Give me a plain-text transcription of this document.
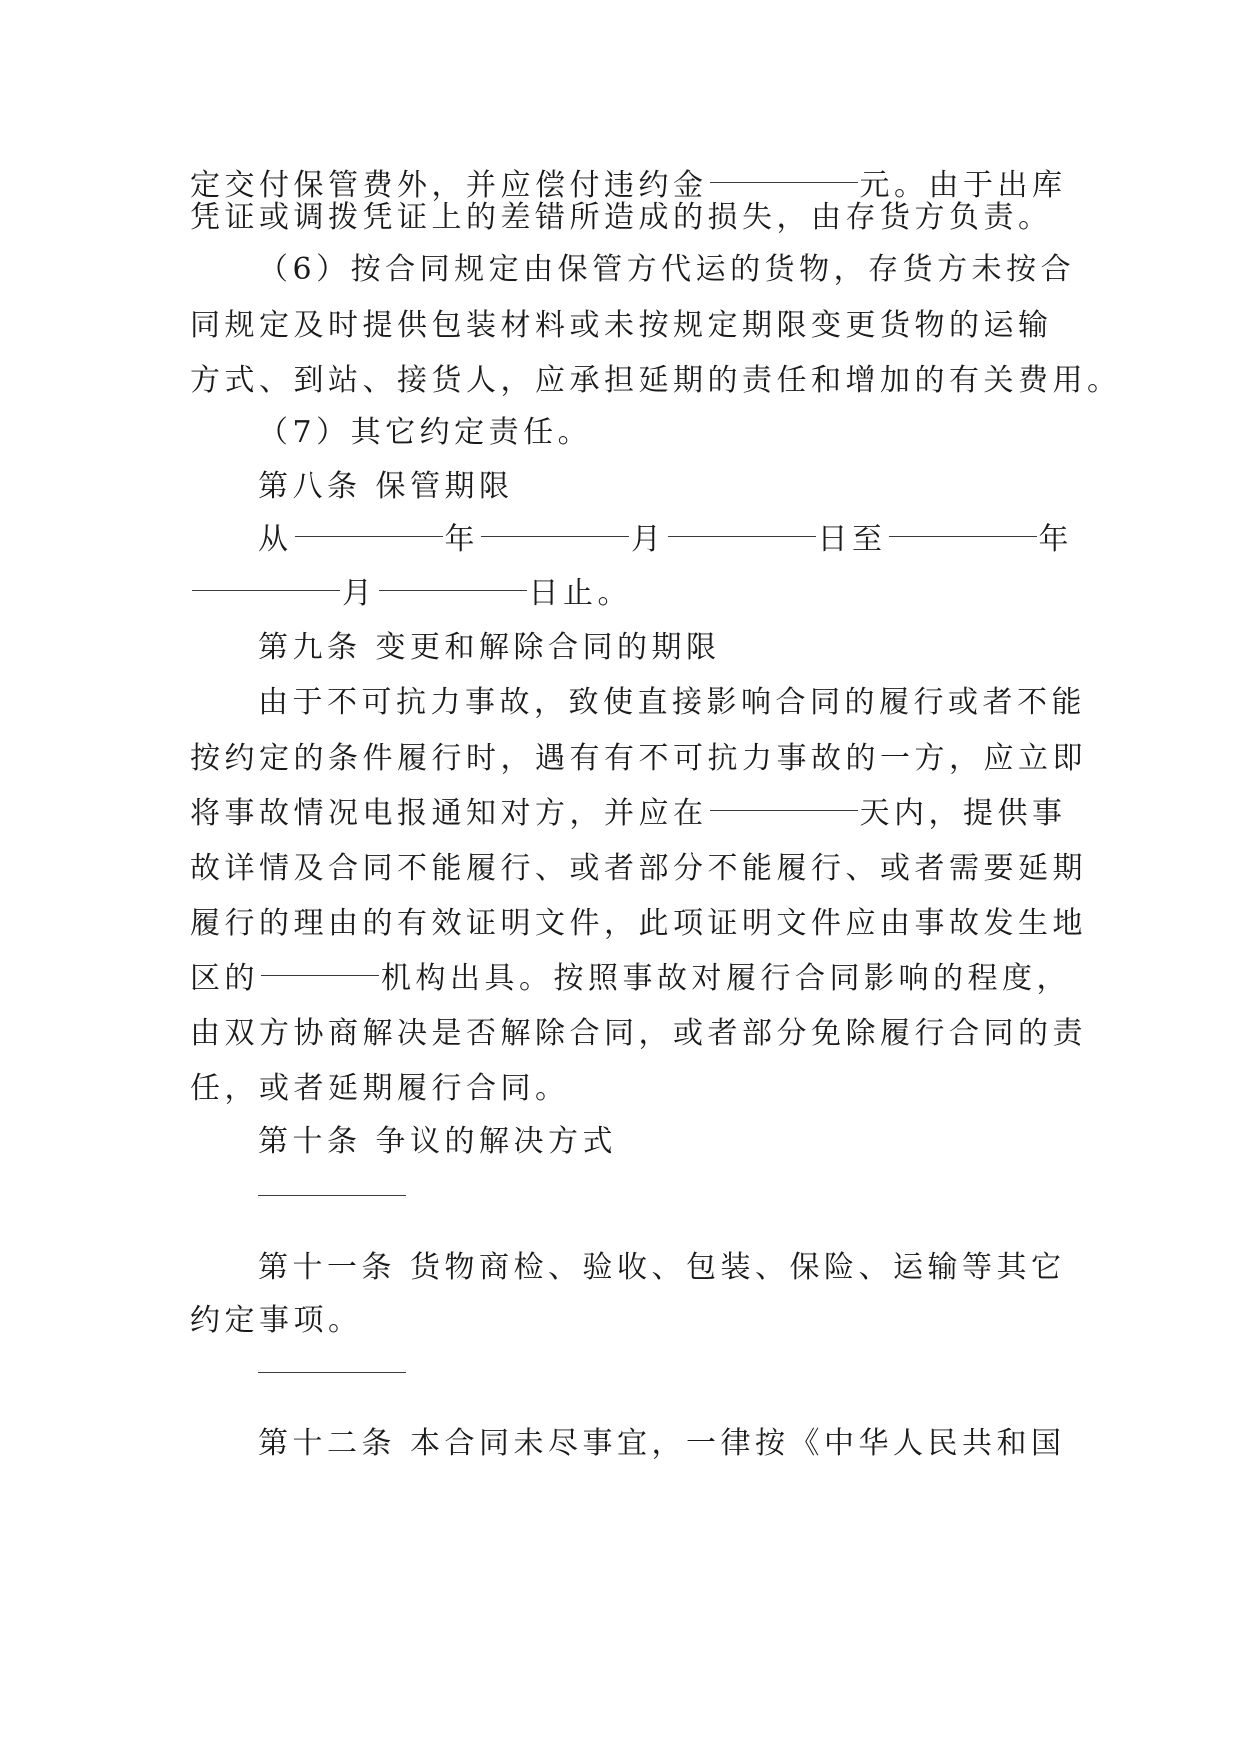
定交付保管费外，并应偿付违约金	元。由于出库
凭证或调拨凭证上的差错所造成的损失，由存货方负责。
（6）按合同规定由保管方代运的货物，存货方未按合
同规定及时提供包装材料或未按规定期限变更货物的运输
方式、到站、接货人，应承担延期的责任和增加的有关费用。
（7）其它约定责任。
第八条 保管期限
从	年	月	日至	年
月	日止。
第九条 变更和解除合同的期限
由于不可抗力事故，致使直接影响合同的履行或者不能
按约定的条件履行时，遇有有不可抗力事故的一方，应立即
将事故情况电报通知对方，并应在	天内，提供事
故详情及合同不能履行、或者部分不能履行、或者需要延期
履行的理由的有效证明文件，此项证明文件应由事故发生地
区的	机构出具。按照事故对履行合同影响的程度，
由双方协商解决是否解除合同，或者部分免除履行合同的责
任，或者延期履行合同。
第十条 争议的解决方式
第十一条 货物商检、验收、包装、保险、运输等其它
约定事项。
第十二条 本合同未尽事宜，一律按《中华人民共和国
